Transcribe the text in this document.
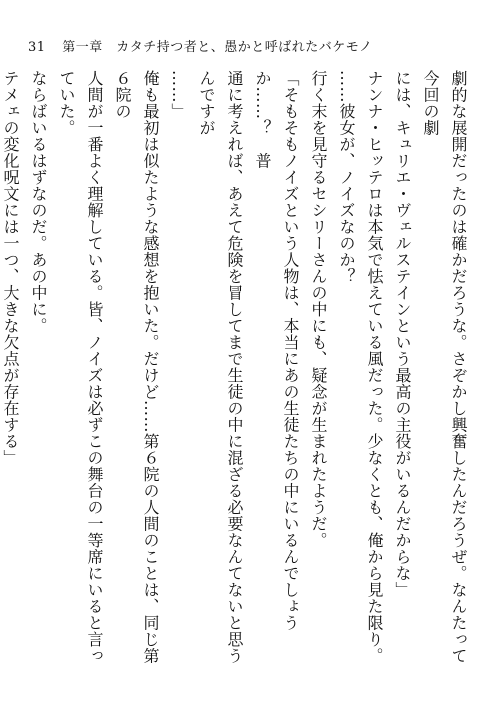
31 第一章　カタチ持つ者と、愚かと呼ばれたバケモノ

劇的な展開だったのは確かだろうな。さぞかし興奮したんだろうぜ。なんたって今回の劇

には、キュリエ・ヴェルステインという最高の主役がいるんだからな」

ナンナ・ヒッテロは本気で怯えている風だった。少なくとも、俺から見た限り。

……彼女が、ノイズなのか？

行く末を見守るセシリーさんの中にも、疑念が生まれたようだ。

「そもそもノイズという人物は、本当にあの生徒たちの中にいるんでしょうか……？　普

通に考えれば、あえて危険を冒してまで生徒の中に混ざる必要なんてないと思うんですが

……」

俺も最初は似たような感想を抱いた。だけど……第６院の人間のことは、同じ第６院の

人間が一番よく理解している。皆、ノイズは必ずこの舞台の一等席にいると言っていた。

ならばいるはずなのだ。あの中に。

テメェの変化呪文には一つ、大きな欠点が存在する」
